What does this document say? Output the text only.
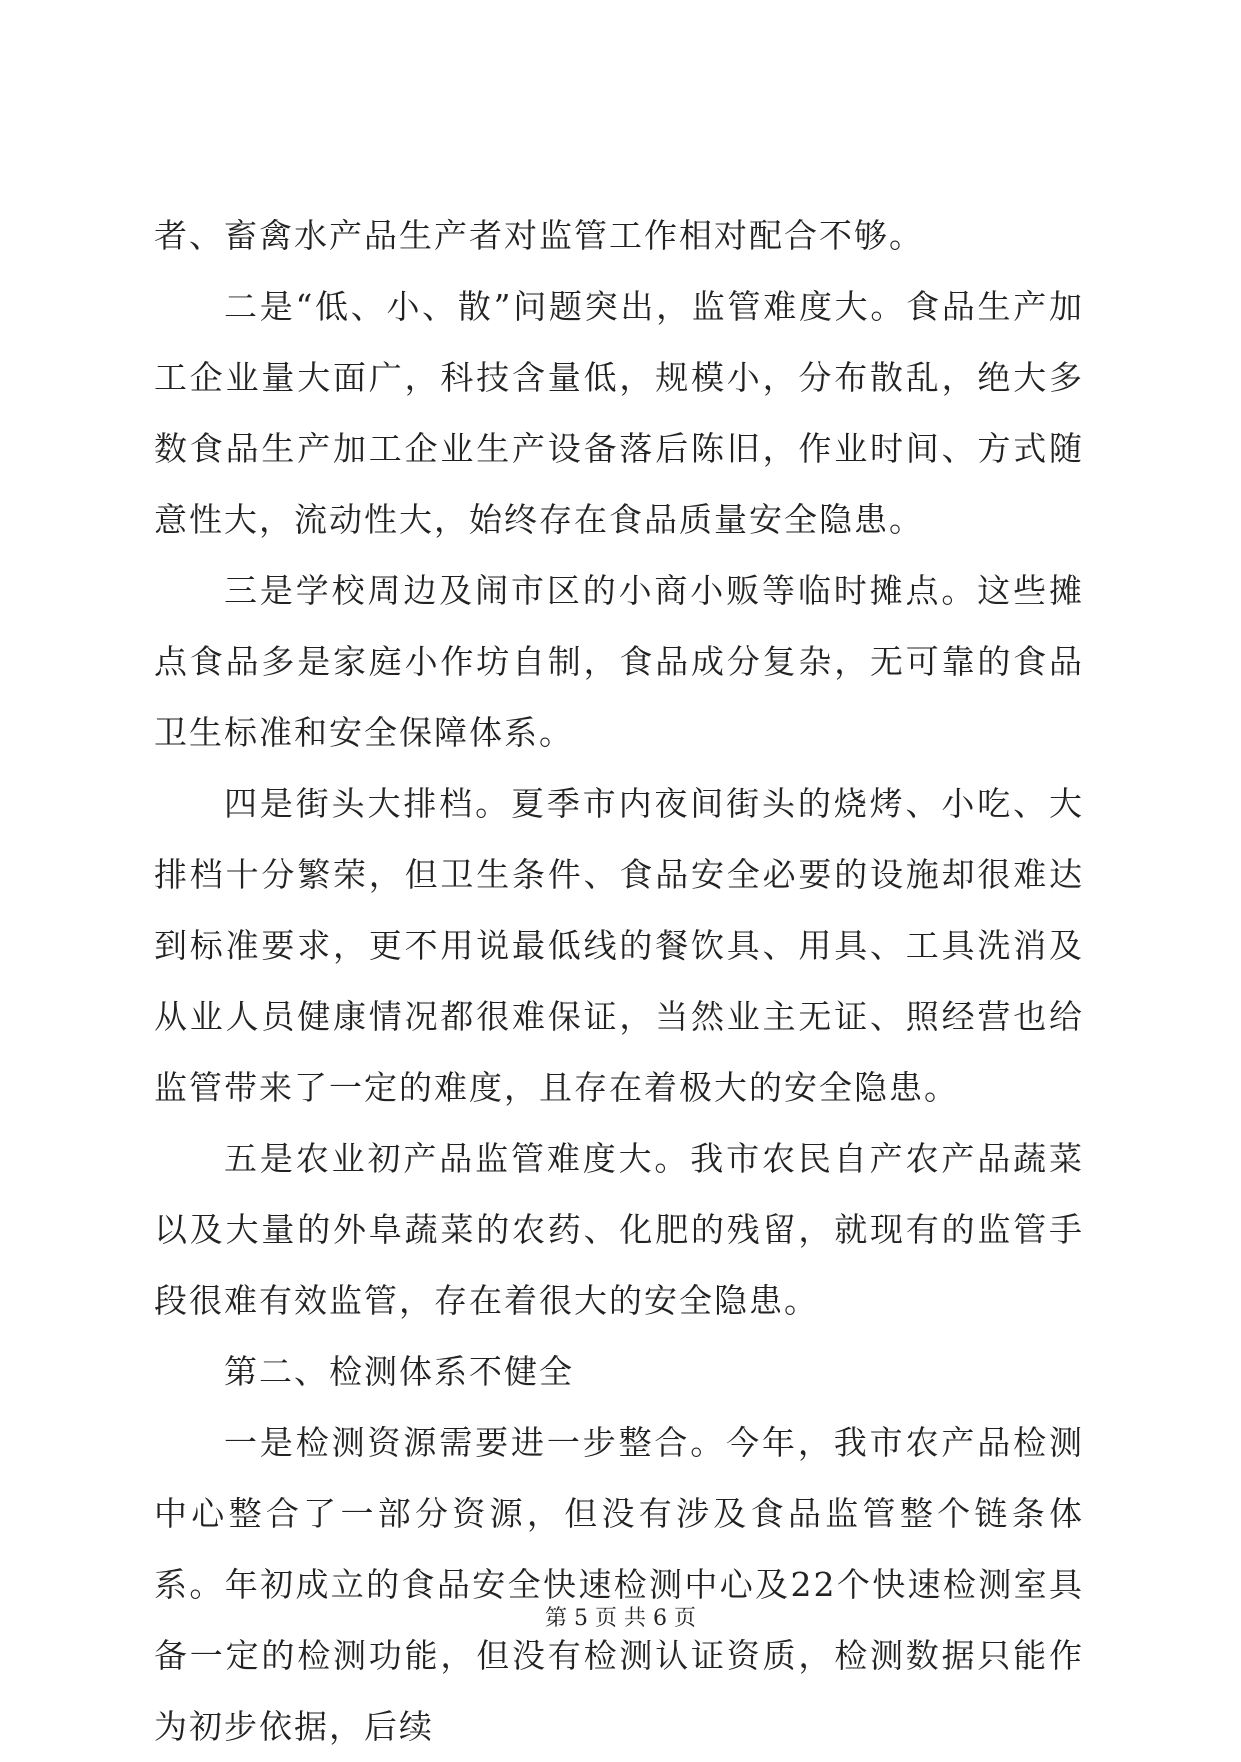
者、畜禽水产品生产者对监管工作相对配合不够。

二是“低、小、散”问题突出，监管难度大。食品生产加工企业量大面广，科技含量低，规模小，分布散乱，绝大多数食品生产加工企业生产设备落后陈旧，作业时间、方式随意性大，流动性大，始终存在食品质量安全隐患。

三是学校周边及闹市区的小商小贩等临时摊点。这些摊点食品多是家庭小作坊自制，食品成分复杂，无可靠的食品卫生标准和安全保障体系。

四是街头大排档。夏季市内夜间街头的烧烤、小吃、大排档十分繁荣，但卫生条件、食品安全必要的设施却很难达到标准要求，更不用说最低线的餐饮具、用具、工具洗消及从业人员健康情况都很难保证，当然业主无证、照经营也给监管带来了一定的难度，且存在着极大的安全隐患。

五是农业初产品监管难度大。我市农民自产农产品蔬菜以及大量的外阜蔬菜的农药、化肥的残留，就现有的监管手段很难有效监管，存在着很大的安全隐患。

第二、检测体系不健全

一是检测资源需要进一步整合。今年，我市农产品检测中心整合了一部分资源，但没有涉及食品监管整个链条体系。年初成立的食品安全快速检测中心及22个快速检测室具备一定的检测功能，但没有检测认证资质，检测数据只能作为初步依据，后续

第 5 页 共 6 页
